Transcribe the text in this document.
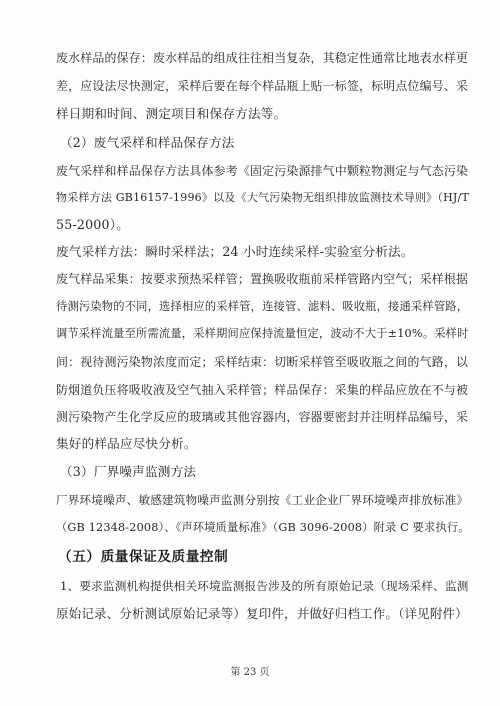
废水样品的保存：废水样品的组成往往相当复杂，其稳定性通常比地表水样更
差，应设法尽快测定，采样后要在每个样品瓶上贴一标签，标明点位编号、采
样日期和时间、测定项目和保存方法等。
（2）废气采样和样品保存方法
废气采样和样品保存方法具体参考《固定污染源排气中颗粒物测定与气态污染
物采样方法 GB16157-1996》以及《大气污染物无组织排放监测技术导则》（HJ/T
55-2000）。
废气采样方法：瞬时采样法；24 小时连续采样-实验室分析法。
废气样品采集：按要求预热采样管；置换吸收瓶前采样管路内空气；采样根据
待测污染物的不同，选择相应的采样管，连接管、滤料、吸收瓶，接通采样管路，
调节采样流量至所需流量，采样期间应保持流量恒定，波动不大于±10%。采样时
间：视待测污染物浓度而定；采样结束：切断采样管至吸收瓶之间的气路，以
防烟道负压将吸收液及空气抽入采样管；样品保存：采集的样品应放在不与被
测污染物产生化学反应的玻璃或其他容器内，容器要密封并注明样品编号，采
集好的样品应尽快分析。
（3）厂界噪声监测方法
厂界环境噪声、敏感建筑物噪声监测分别按《工业企业厂界环境噪声排放标准》
（GB 12348-2008）、《声环境质量标准》（GB 3096-2008）附录 C 要求执行。
（五）质量保证及质量控制
1、要求监测机构提供相关环境监测报告涉及的所有原始记录（现场采样、监测
原始记录、分析测试原始记录等）复印件，并做好归档工作。（详见附件）
第 23 页
